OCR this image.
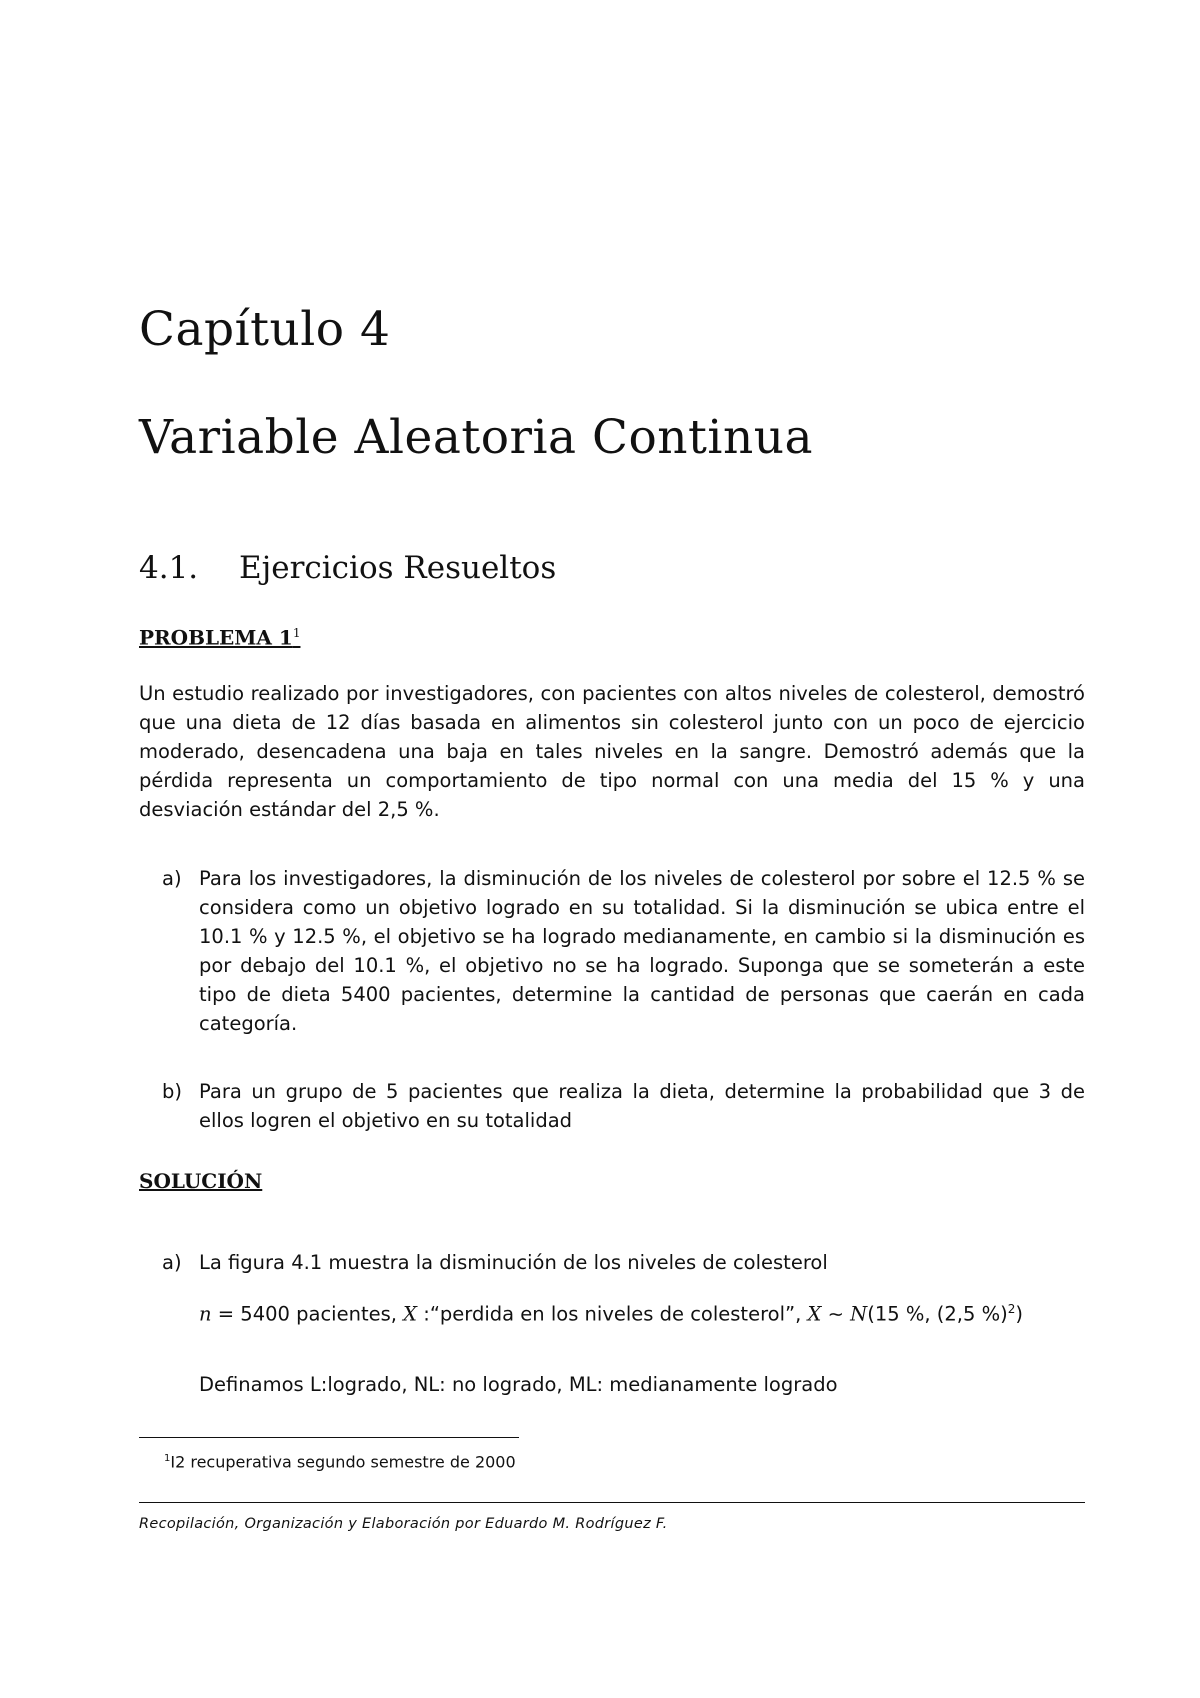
Capítulo 4
Variable Aleatoria Continua
4.1. Ejercicios Resueltos
PROBLEMA $1^1$
Un estudio realizado por investigadores, con pacientes con altos niveles de colesterol, demostró que una dieta de 12 días basada en alimentos sin colesterol junto con un poco de ejercicio moderado, desencadena una baja en tales niveles en la sangre. Demostró además que la pérdida representa un comportamiento de tipo normal con una media del 15 % y una desviación estándar del 2,5 %.
a) Para los investigadores, la disminución de los niveles de colesterol por sobre el 12.5 % se considera como un objetivo logrado en su totalidad. Si la disminución se ubica entre el 10.1 % y 12.5 %, el objetivo se ha logrado medianamente, en cambio si la disminución es por debajo del 10.1 %, el objetivo no se ha logrado. Suponga que se someterán a este tipo de dieta 5400 pacientes, determine la cantidad de personas que caerán en cada categoría.
b) Para un grupo de 5 pacientes que realiza la dieta, determine la probabilidad que 3 de ellos logren el objetivo en su totalidad
SOLUCIÓN
a) La figura 4.1 muestra la disminución de los niveles de colesterol
n = 5400 pacientes, X :“perdida en los niveles de colesterol”, X ∼ N(15 %, (2,5 %)$^2$)
Definamos L:logrado, NL: no logrado, ML: medianamente logrado
$^1$I2 recuperativa segundo semestre de 2000
Recopilación, Organización y Elaboración por Eduardo M. Rodríguez F.
